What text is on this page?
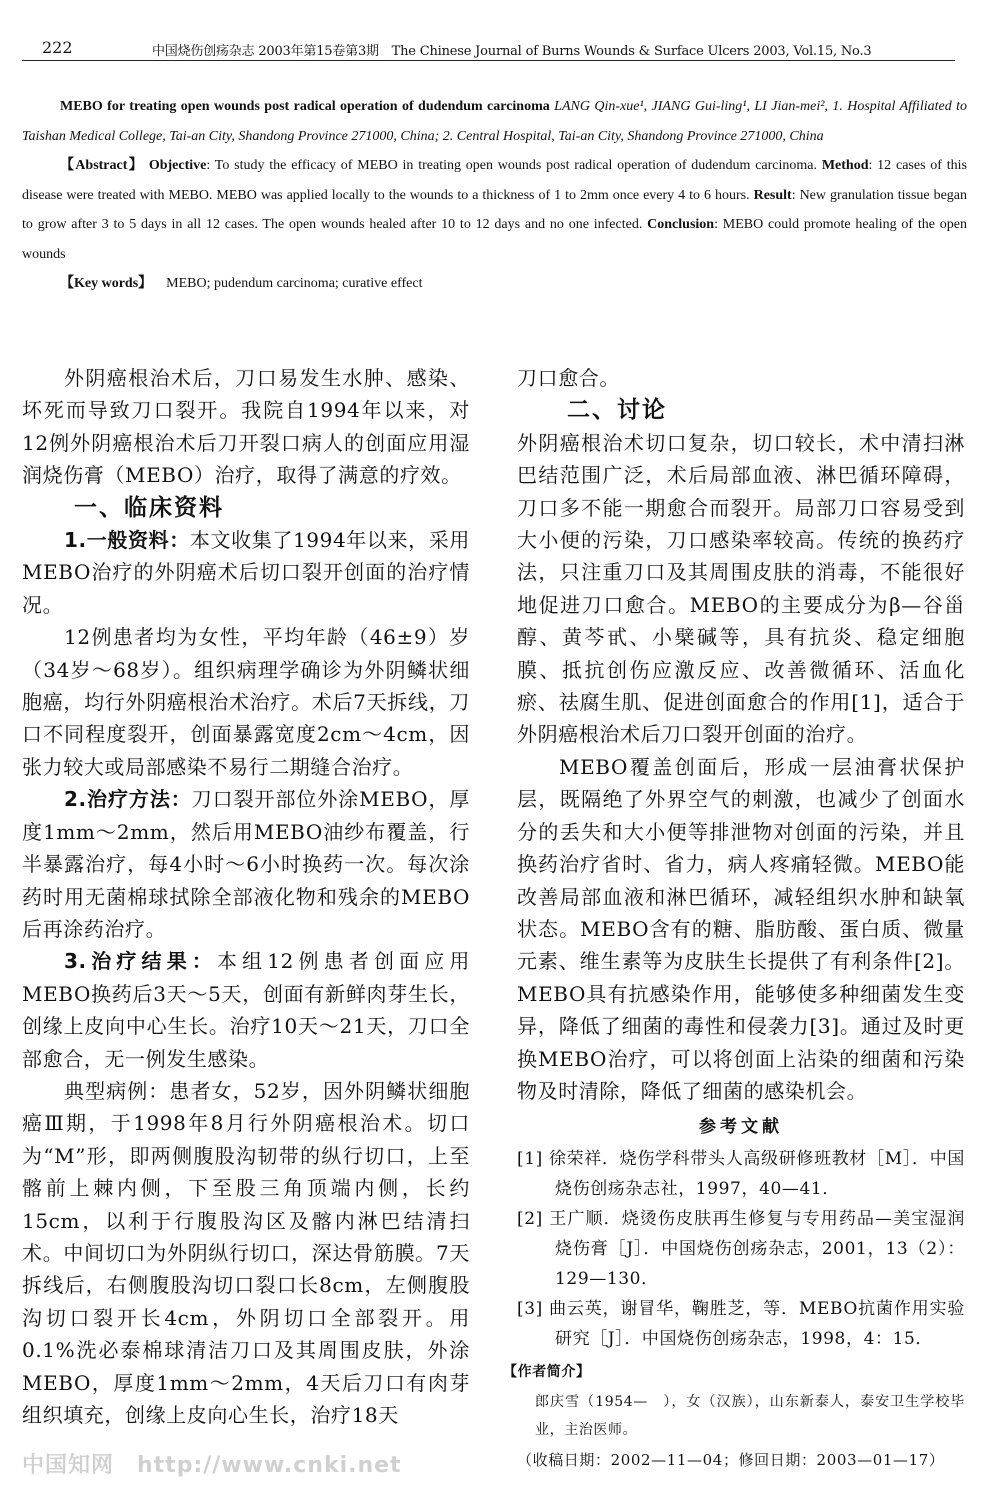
222	中国烧伤创疡杂志 2003年第15卷第3期　The Chinese Journal of Burns Wounds & Surface Ulcers 2003, Vol.15, No.3

MEBO for treating open wounds post radical operation of dudendum carcinoma LANG Qin-xue¹, JIANG Gui-ling¹, LI Jian-mei², 1. Hospital Affiliated to Taishan Medical College, Tai-an City, Shandong Province 271000, China; 2. Central Hospital, Tai-an City, Shandong Province 271000, China

【Abstract】 Objective: To study the efficacy of MEBO in treating open wounds post radical operation of dudendum carcinoma. Method: 12 cases of this disease were treated with MEBO. MEBO was applied locally to the wounds to a thickness of 1 to 2mm once every 4 to 6 hours. Result: New granulation tissue began to grow after 3 to 5 days in all 12 cases. The open wounds healed after 10 to 12 days and no one infected. Conclusion: MEBO could promote healing of the open wounds

【Key words】 MEBO; pudendum carcinoma; curative effect

外阴癌根治术后，刀口易发生水肿、感染、坏死而导致刀口裂开。我院自1994年以来，对12例外阴癌根治术后刀开裂口病人的创面应用湿润烧伤膏（MEBO）治疗，取得了满意的疗效。

一、临床资料

1.一般资料：本文收集了1994年以来，采用MEBO治疗的外阴癌术后切口裂开创面的治疗情况。

12例患者均为女性，平均年龄（46±9）岁（34岁～68岁）。组织病理学确诊为外阴鳞状细胞癌，均行外阴癌根治术治疗。术后7天拆线，刀口不同程度裂开，创面暴露宽度2cm～4cm，因张力较大或局部感染不易行二期缝合治疗。

2.治疗方法：刀口裂开部位外涂MEBO，厚度1mm～2mm，然后用MEBO油纱布覆盖，行半暴露治疗，每4小时～6小时换药一次。每次涂药时用无菌棉球拭除全部液化物和残余的MEBO后再涂药治疗。

3.治疗结果：本组12例患者创面应用MEBO换药后3天～5天，创面有新鲜肉芽生长，创缘上皮向中心生长。治疗10天～21天，刀口全部愈合，无一例发生感染。

典型病例：患者女，52岁，因外阴鳞状细胞癌Ⅲ期，于1998年8月行外阴癌根治术。切口为“M”形，即两侧腹股沟韧带的纵行切口，上至髂前上棘内侧，下至股三角顶端内侧，长约15cm，以利于行腹股沟区及髂内淋巴结清扫术。中间切口为外阴纵行切口，深达骨筋膜。7天拆线后，右侧腹股沟切口裂口长8cm，左侧腹股沟切口裂开长4cm，外阴切口全部裂开。用0.1%洗必泰棉球清洁刀口及其周围皮肤，外涂MEBO，厚度1mm～2mm，4天后刀口有肉芽组织填充，创缘上皮向心生长，治疗18天

刀口愈合。

二、讨论

外阴癌根治术切口复杂，切口较长，术中清扫淋巴结范围广泛，术后局部血液、淋巴循环障碍，刀口多不能一期愈合而裂开。局部刀口容易受到大小便的污染，刀口感染率较高。传统的换药疗法，只注重刀口及其周围皮肤的消毒，不能很好地促进刀口愈合。MEBO的主要成分为β—谷甾醇、黄芩甙、小檗碱等，具有抗炎、稳定细胞膜、抵抗创伤应激反应、改善微循环、活血化瘀、祛腐生肌、促进创面愈合的作用[1]，适合于外阴癌根治术后刀口裂开创面的治疗。

MEBO覆盖创面后，形成一层油膏状保护层，既隔绝了外界空气的刺激，也减少了创面水分的丢失和大小便等排泄物对创面的污染，并且换药治疗省时、省力，病人疼痛轻微。MEBO能改善局部血液和淋巴循环，减轻组织水肿和缺氧状态。MEBO含有的糖、脂肪酸、蛋白质、微量元素、维生素等为皮肤生长提供了有利条件[2]。MEBO具有抗感染作用，能够使多种细菌发生变异，降低了细菌的毒性和侵袭力[3]。通过及时更换MEBO治疗，可以将创面上沾染的细菌和污染物及时清除，降低了细菌的感染机会。

参考文献

[1] 徐荣祥．烧伤学科带头人高级研修班教材［M］．中国烧伤创疡杂志社，1997，40—41．

[2] 王广顺．烧烫伤皮肤再生修复与专用药品—美宝湿润烧伤膏［J］．中国烧伤创疡杂志，2001，13（2）：129—130．

[3] 曲云英，谢冒华，鞠胜芝，等．MEBO抗菌作用实验研究［J］．中国烧伤创疡杂志，1998，4：15．

【作者简介】

郎庆雪（1954—　），女（汉族），山东新泰人，泰安卫生学校毕业，主治医师。

（收稿日期：2002—11—04；修回日期：2003—01—17）

中国知网　http://www.cnki.net
